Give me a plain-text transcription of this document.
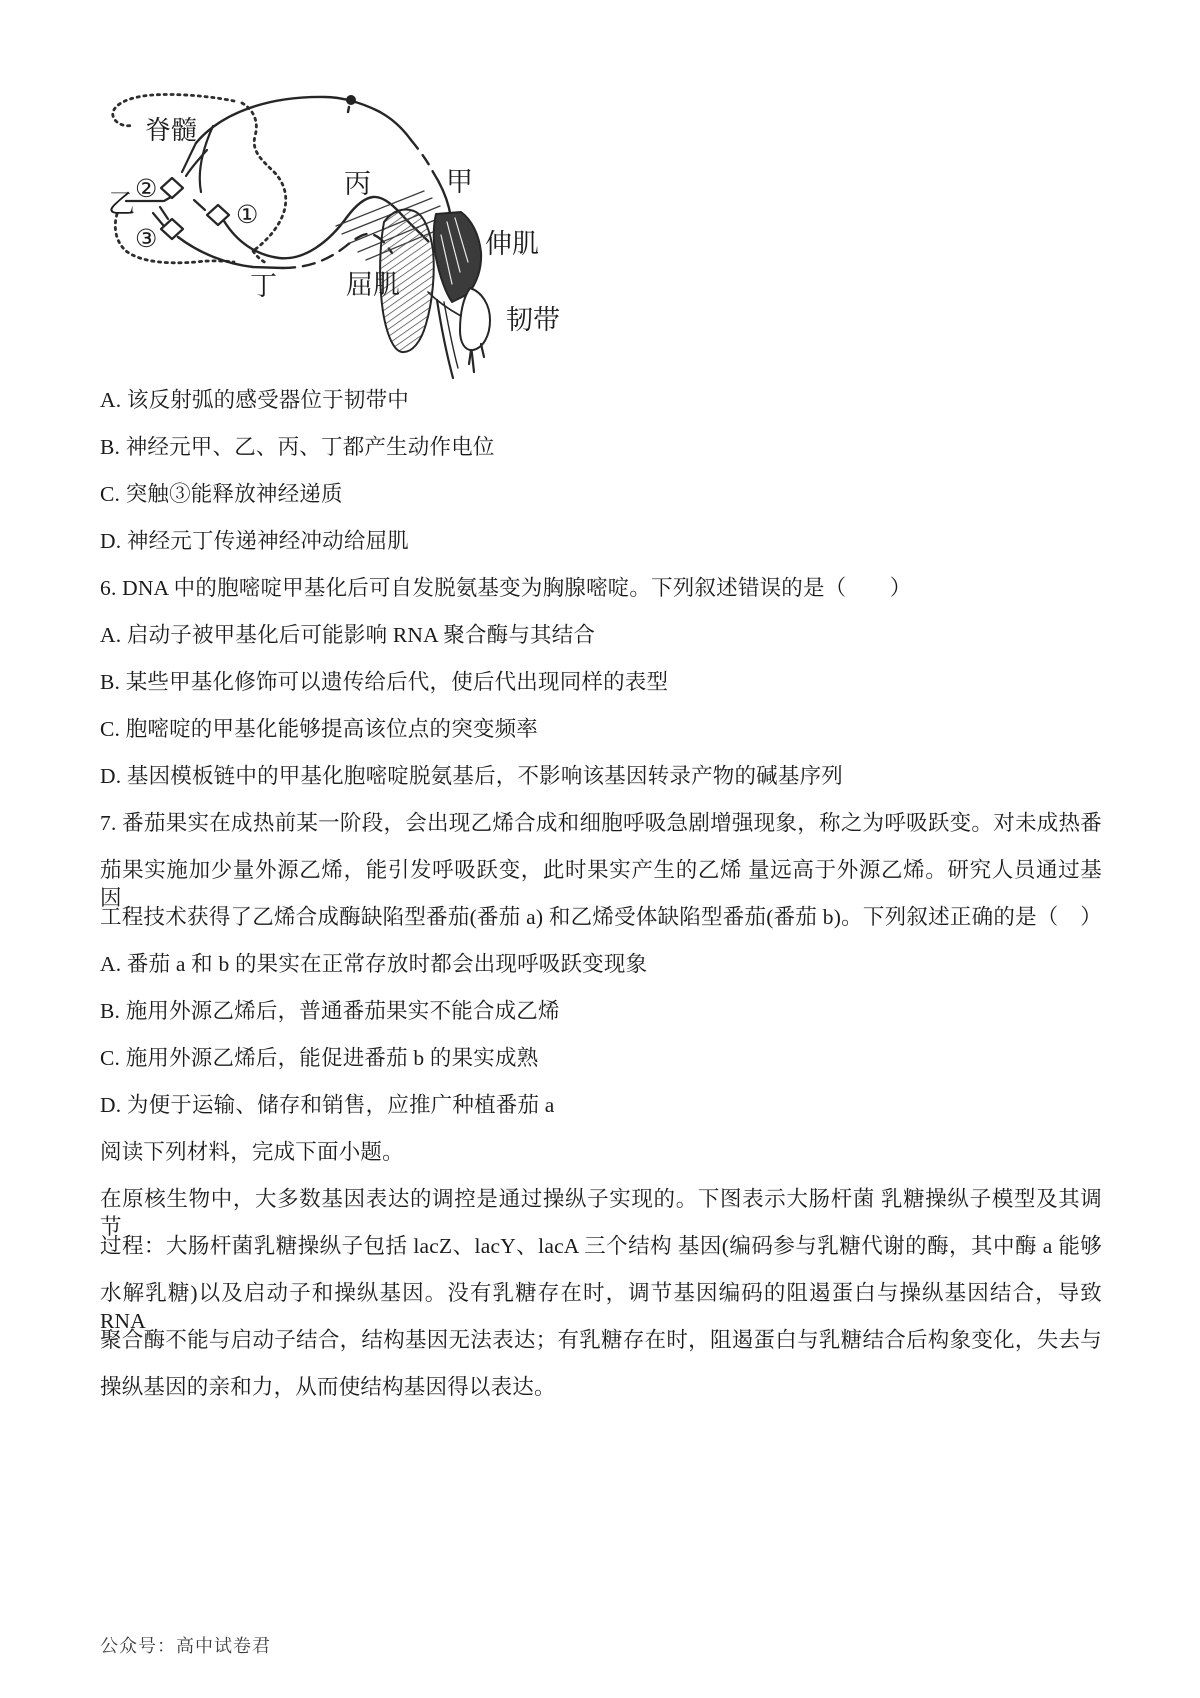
脊髓
②
乙
③
①
丁
丙	甲
伸肌
屈肌
韧带
A. 该反射弧的感受器位于韧带中
B. 神经元甲、乙、丙、丁都产生动作电位
C. 突触③能释放神经递质
D. 神经元丁传递神经冲动给屈肌
6. DNA 中的胞嘧啶甲基化后可自发脱氨基变为胸腺嘧啶。下列叙述错误的是（　　）
A. 启动子被甲基化后可能影响 RNA 聚合酶与其结合
B. 某些甲基化修饰可以遗传给后代，使后代出现同样的表型
C. 胞嘧啶的甲基化能够提高该位点的突变频率
D. 基因模板链中的甲基化胞嘧啶脱氨基后，不影响该基因转录产物的碱基序列
7. 番茄果实在成热前某一阶段，会出现乙烯合成和细胞呼吸急剧增强现象，称之为呼吸跃变。对未成热番
茄果实施加少量外源乙烯，能引发呼吸跃变，此时果实产生的乙烯 量远高于外源乙烯。研究人员通过基因
工程技术获得了乙烯合成酶缺陷型番茄(番茄 a) 和乙烯受体缺陷型番茄(番茄 b)。下列叙述正确的是（　）
A. 番茄 a 和 b 的果实在正常存放时都会出现呼吸跃变现象
B. 施用外源乙烯后，普通番茄果实不能合成乙烯
C. 施用外源乙烯后，能促进番茄 b 的果实成熟
D. 为便于运输、储存和销售，应推广种植番茄 a
阅读下列材料，完成下面小题。
在原核生物中，大多数基因表达的调控是通过操纵子实现的。下图表示大肠杆菌 乳糖操纵子模型及其调节
过程：大肠杆菌乳糖操纵子包括 lacZ、lacY、lacA 三个结构 基因(编码参与乳糖代谢的酶，其中酶 a 能够
水解乳糖)以及启动子和操纵基因。没有乳糖存在时，调节基因编码的阻遏蛋白与操纵基因结合，导致 RNA
聚合酶不能与启动子结合，结构基因无法表达；有乳糖存在时，阻遏蛋白与乳糖结合后构象变化，失去与
操纵基因的亲和力，从而使结构基因得以表达。
公众号：高中试卷君
